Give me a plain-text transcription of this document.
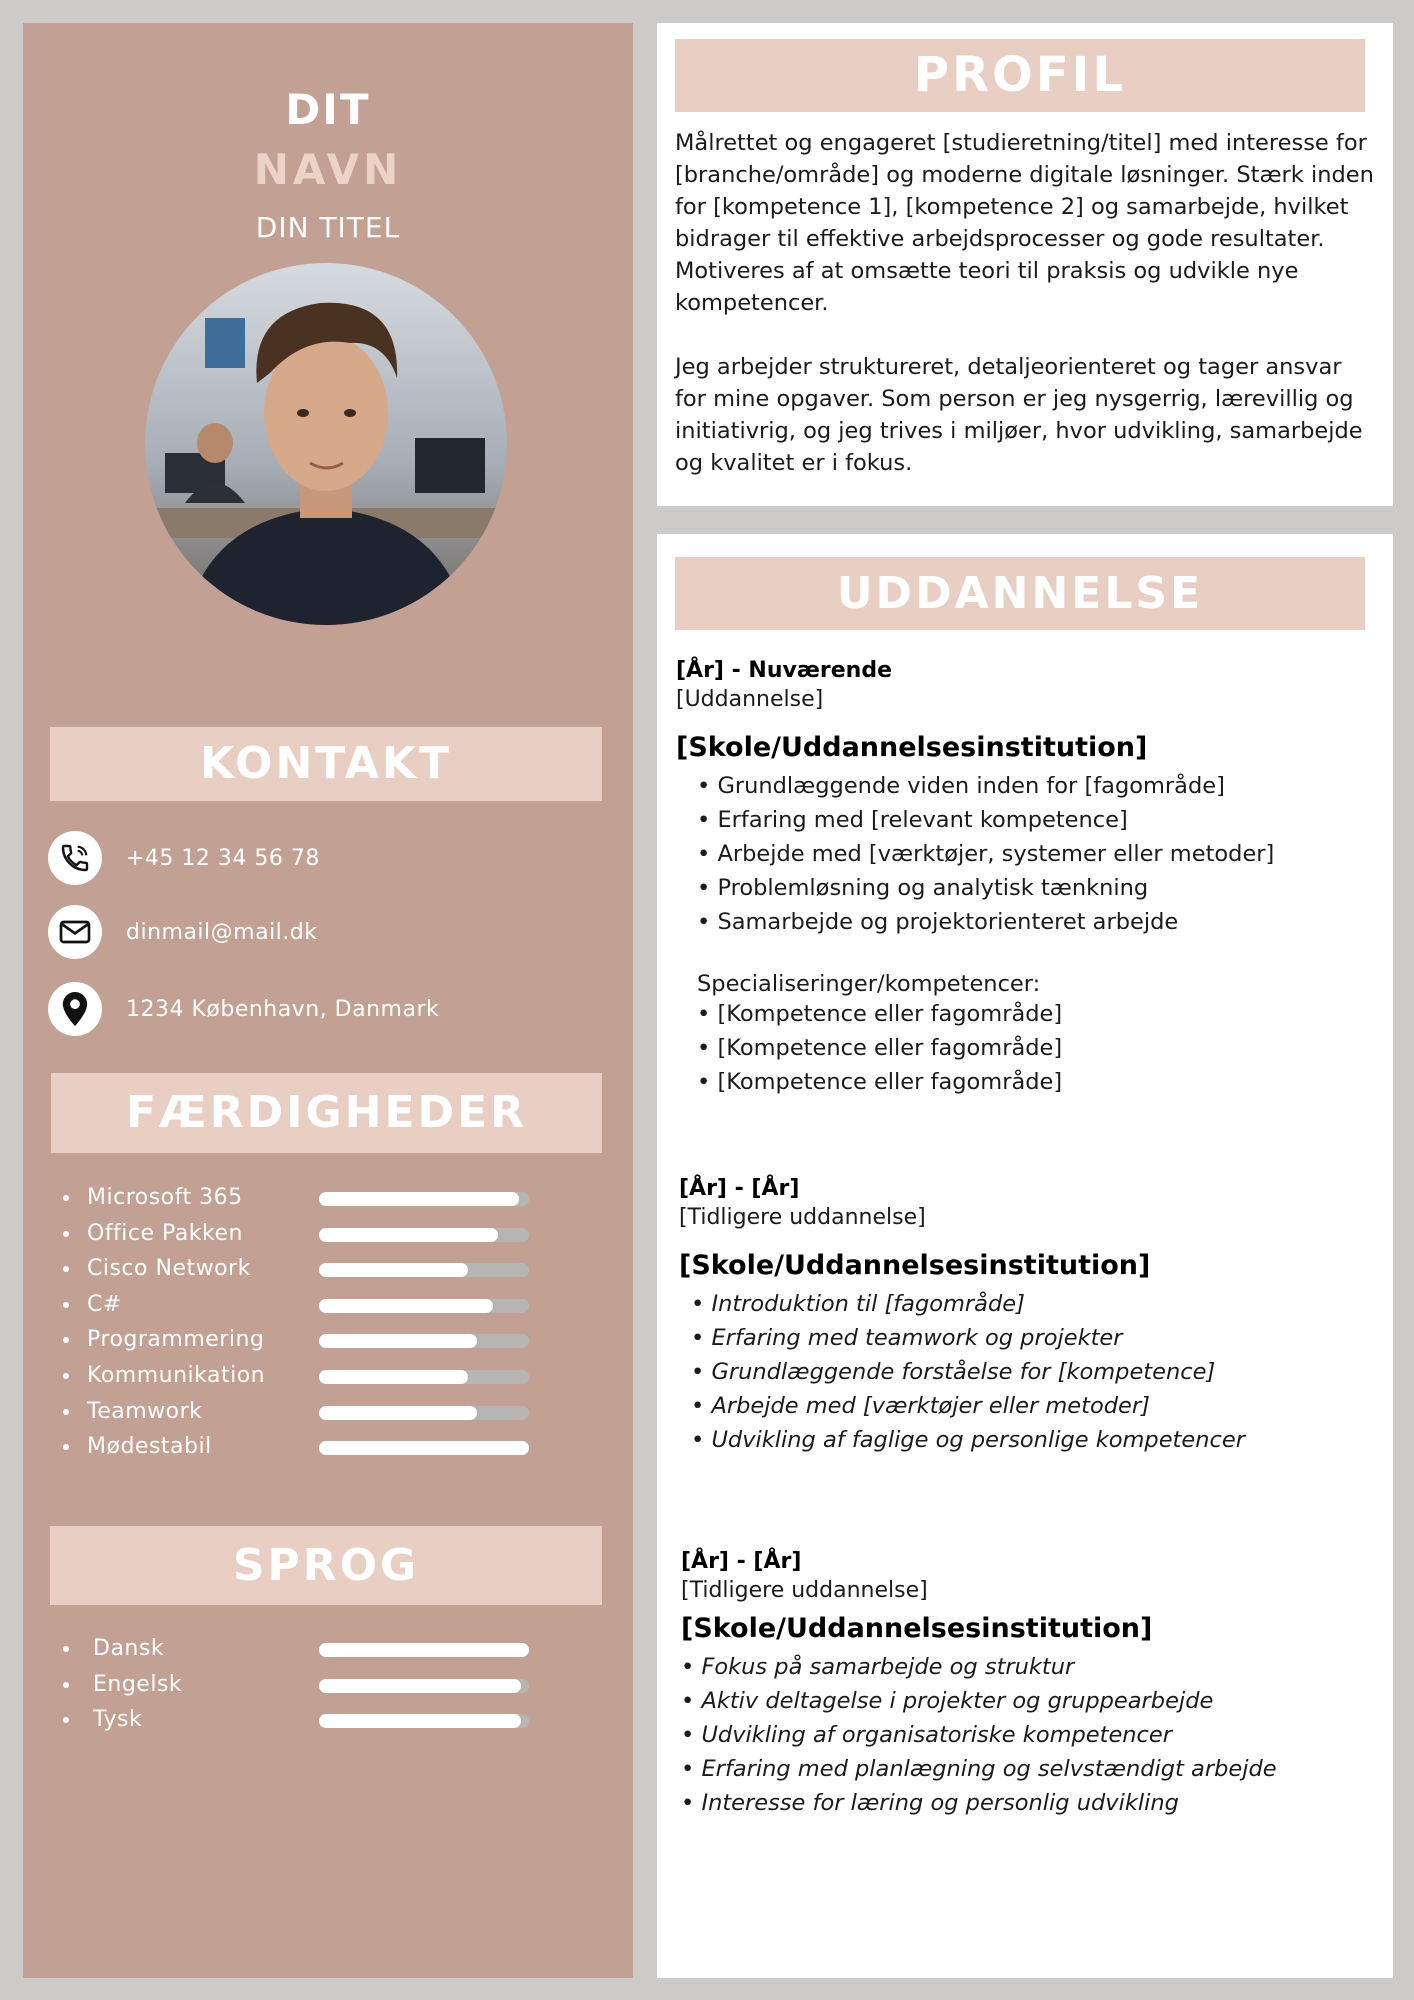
DIT
NAVN
DIN TITEL
KONTAKT
+45 12 34 56 78
dinmail@mail.dk
1234 København, Danmark
FÆRDIGHEDER
Microsoft 365
Office Pakken
Cisco Network
C#
Programmering
Kommunikation
Teamwork
Mødestabil
SPROG
Dansk
Engelsk
Tysk
PROFIL
Målrettet og engageret [studieretning/titel] med interesse for [branche/område] og moderne digitale løsninger. Stærk inden for [kompetence 1], [kompetence 2] og samarbejde, hvilket bidrager til effektive arbejdsprocesser og gode resultater. Motiveres af at omsætte teori til praksis og udvikle nye kompetencer.
Jeg arbejder struktureret, detaljeorienteret og tager ansvar for mine opgaver. Som person er jeg nysgerrig, lærevillig og initiativrig, og jeg trives i miljøer, hvor udvikling, samarbejde og kvalitet er i fokus.
UDDANNELSE
[År] - Nuværende
[Uddannelse]
[Skole/Uddannelsesinstitution]
• Grundlæggende viden inden for [fagområde]
• Erfaring med [relevant kompetence]
• Arbejde med [værktøjer, systemer eller metoder]
• Problemløsning og analytisk tænkning
• Samarbejde og projektorienteret arbejde
Specialiseringer/kompetencer:
• [Kompetence eller fagområde]
• [Kompetence eller fagområde]
• [Kompetence eller fagområde]
[År] - [År]
[Tidligere uddannelse]
[Skole/Uddannelsesinstitution]
• Introduktion til [fagområde]
• Erfaring med teamwork og projekter
• Grundlæggende forståelse for [kompetence]
• Arbejde med [værktøjer eller metoder]
• Udvikling af faglige og personlige kompetencer
[År] - [År]
[Tidligere uddannelse]
[Skole/Uddannelsesinstitution]
• Fokus på samarbejde og struktur
• Aktiv deltagelse i projekter og gruppearbejde
• Udvikling af organisatoriske kompetencer
• Erfaring med planlægning og selvstændigt arbejde
• Interesse for læring og personlig udvikling
